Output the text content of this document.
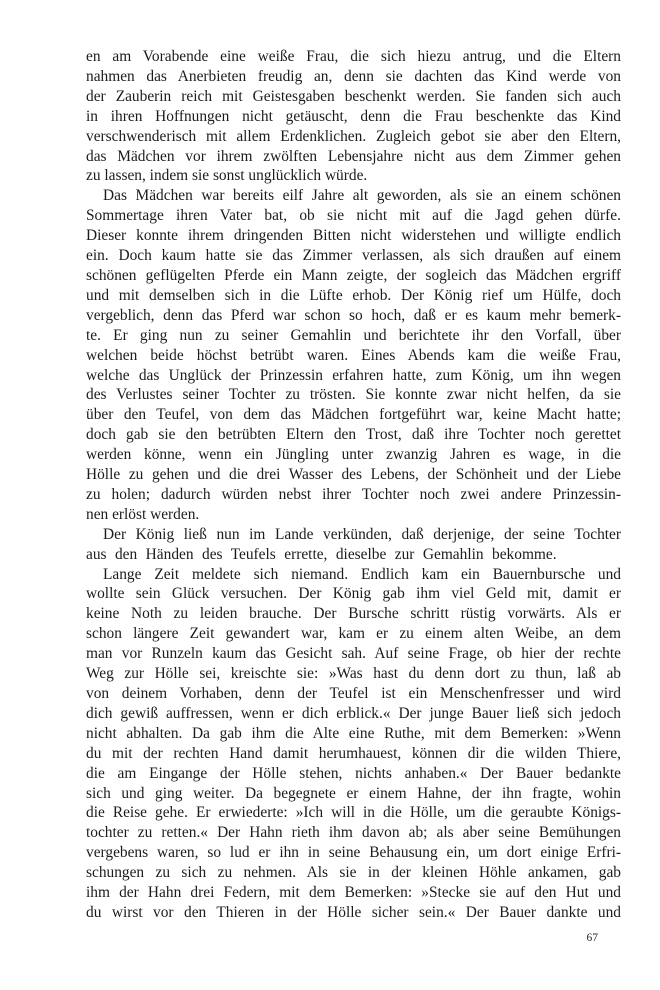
en am Vorabende eine weiße Frau, die sich hiezu antrug, und die Eltern
nahmen das Anerbieten freudig an, denn sie dachten das Kind werde von
der Zauberin reich mit Geistesgaben beschenkt werden. Sie fanden sich auch
in ihren Hoffnungen nicht getäuscht, denn die Frau beschenkte das Kind
verschwenderisch mit allem Erdenklichen. Zugleich gebot sie aber den Eltern,
das Mädchen vor ihrem zwölften Lebensjahre nicht aus dem Zimmer gehen
zu lassen, indem sie sonst unglücklich würde.
Das Mädchen war bereits eilf Jahre alt geworden, als sie an einem schönen
Sommertage ihren Vater bat, ob sie nicht mit auf die Jagd gehen dürfe.
Dieser konnte ihrem dringenden Bitten nicht widerstehen und willigte endlich
ein. Doch kaum hatte sie das Zimmer verlassen, als sich draußen auf einem
schönen geflügelten Pferde ein Mann zeigte, der sogleich das Mädchen ergriff
und mit demselben sich in die Lüfte erhob. Der König rief um Hülfe, doch
vergeblich, denn das Pferd war schon so hoch, daß er es kaum mehr bemerk-
te. Er ging nun zu seiner Gemahlin und berichtete ihr den Vorfall, über
welchen beide höchst betrübt waren. Eines Abends kam die weiße Frau,
welche das Unglück der Prinzessin erfahren hatte, zum König, um ihn wegen
des Verlustes seiner Tochter zu trösten. Sie konnte zwar nicht helfen, da sie
über den Teufel, von dem das Mädchen fortgeführt war, keine Macht hatte;
doch gab sie den betrübten Eltern den Trost, daß ihre Tochter noch gerettet
werden könne, wenn ein Jüngling unter zwanzig Jahren es wage, in die
Hölle zu gehen und die drei Wasser des Lebens, der Schönheit und der Liebe
zu holen; dadurch würden nebst ihrer Tochter noch zwei andere Prinzessin-
nen erlöst werden.
Der König ließ nun im Lande verkünden, daß derjenige, der seine Tochter
aus den Händen des Teufels errette, dieselbe zur Gemahlin bekomme.
Lange Zeit meldete sich niemand. Endlich kam ein Bauernbursche und
wollte sein Glück versuchen. Der König gab ihm viel Geld mit, damit er
keine Noth zu leiden brauche. Der Bursche schritt rüstig vorwärts. Als er
schon längere Zeit gewandert war, kam er zu einem alten Weibe, an dem
man vor Runzeln kaum das Gesicht sah. Auf seine Frage, ob hier der rechte
Weg zur Hölle sei, kreischte sie: »Was hast du denn dort zu thun, laß ab
von deinem Vorhaben, denn der Teufel ist ein Menschenfresser und wird
dich gewiß auffressen, wenn er dich erblick.« Der junge Bauer ließ sich jedoch
nicht abhalten. Da gab ihm die Alte eine Ruthe, mit dem Bemerken: »Wenn
du mit der rechten Hand damit herumhauest, können dir die wilden Thiere,
die am Eingange der Hölle stehen, nichts anhaben.« Der Bauer bedankte
sich und ging weiter. Da begegnete er einem Hahne, der ihn fragte, wohin
die Reise gehe. Er erwiederte: »Ich will in die Hölle, um die geraubte Königs-
tochter zu retten.« Der Hahn rieth ihm davon ab; als aber seine Bemühungen
vergebens waren, so lud er ihn in seine Behausung ein, um dort einige Erfri-
schungen zu sich zu nehmen. Als sie in der kleinen Höhle ankamen, gab
ihm der Hahn drei Federn, mit dem Bemerken: »Stecke sie auf den Hut und
du wirst vor den Thieren in der Hölle sicher sein.« Der Bauer dankte und
67
